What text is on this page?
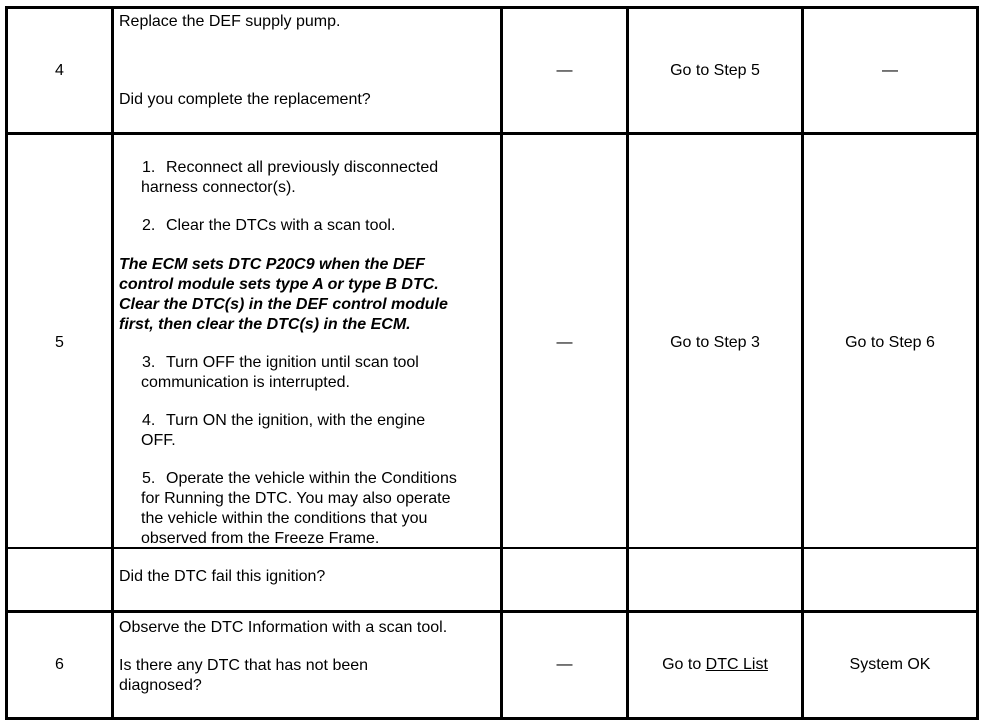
4
Replace the DEF supply pump.
Did you complete the replacement?
—	Go to Step 5	—
5
1. Reconnect all previously disconnected
harness connector(s).
2. Clear the DTCs with a scan tool.
The ECM sets DTC P20C9 when the DEF
control module sets type A or type B DTC.
Clear the DTC(s) in the DEF control module
first, then clear the DTC(s) in the ECM.
3. Turn OFF the ignition until scan tool
communication is interrupted.
4. Turn ON the ignition, with the engine
OFF.
5. Operate the vehicle within the Conditions
for Running the DTC. You may also operate
the vehicle within the conditions that you
observed from the Freeze Frame.
Did the DTC fail this ignition?
—	Go to Step 3	Go to Step 6
6
Observe the DTC Information with a scan tool.
Is there any DTC that has not been
diagnosed?
—	Go to DTC List	System OK
